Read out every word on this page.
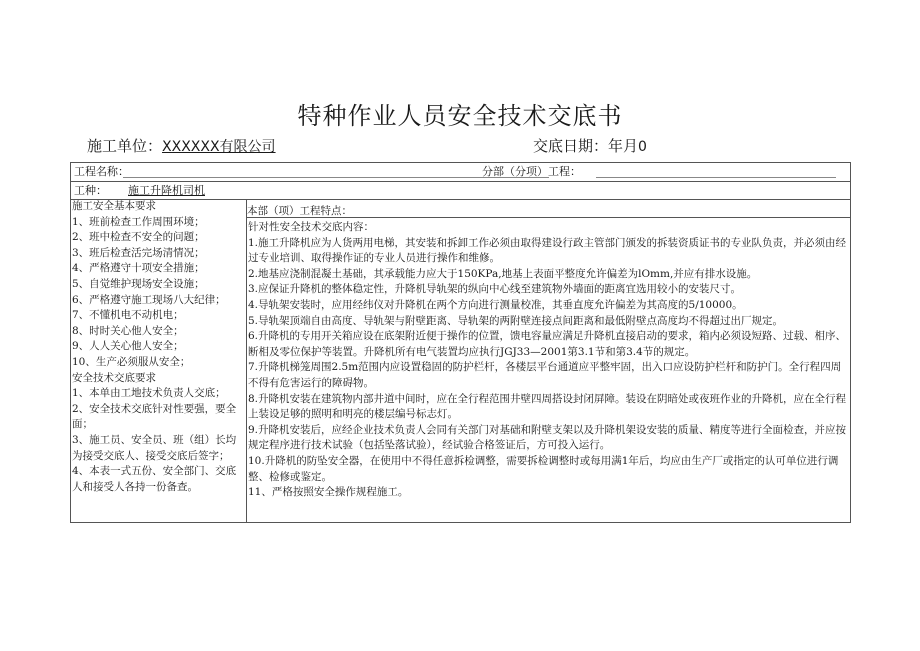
特种作业人员安全技术交底书
施工单位：XXXXXX有限公司	交底日期：年月0
工程名称：	分部（分项）工程：
工种： 施工升降机司机
施工安全基本要求
1、班前检查工作周围环境；
2、班中检查不安全的问题；
3、班后检查活完场清情况；
4、严格遵守十项安全措施；
5、自觉维护现场安全设施；
6、严格遵守施工现场八大纪律；
7、不懂机电不动机电；
8、时时关心他人安全；
9、人人关心他人安全；
10、生产必须服从安全；
安全技术交底要求
1、本单由工地技术负责人交底；
2、安全技术交底针对性要强，要全面；
3、施工员、安全员、班（组）长均为接受交底人、接受交底后签字；
4、本表一式五份、安全部门、交底人和接受人各持一份备查。
本部（项）工程特点：

针对性安全技术交底内容：

1.施工升降机应为人货两用电梯，其安装和拆卸工作必须由取得建设行政主管部门颁发的拆装资质证书的专业队负责，并必须由经过专业培训、取得操作证的专业人员进行操作和维修。

2.地基应浇制混凝土基础，其承载能力应大于150KPa,地基上表面平整度允许偏差为lOmm,并应有排水设施。

3.应保证升降机的整体稳定性，升降机导轨架的纵向中心线至建筑物外墙面的距离宜选用较小的安装尺寸。

4.导轨架安装时，应用经纬仪对升降机在两个方向进行测量校准，其垂直度允许偏差为其高度的5/10000。

5.导轨架顶端自由高度、导轨架与附壁距离、导轨架的两附壁连接点间距离和最低附壁点高度均不得超过出厂规定。

6.升降机的专用开关箱应设在底架附近便于操作的位置，馈电容量应满足升降机直接启动的要求，箱内必须设短路、过载、相序、断相及零位保护等装置。升降机所有电气装置均应执行JGJ33—2001第3.1节和第3.4节的规定。

7.升降机梯笼周围2.5m范围内应设置稳固的防护栏杆，各楼层平台通道应平整牢固，出入口应设防护栏杆和防护门。全行程四周不得有危害运行的障碍物。

8.升降机安装在建筑物内部井道中间时，应在全行程范围井壁四周搭设封闭屏障。装设在阴暗处或夜班作业的升降机，应在全行程上装设足够的照明和明亮的楼层编号标志灯。

9.升降机安装后，应经企业技术负责人会同有关部门对基础和附壁支架以及升降机架设安装的质量、精度等进行全面检查，并应按规定程序进行技术试验（包括坠落试验），经试验合格签证后，方可投入运行。

10.升降机的防坠安全器，在使用中不得任意拆检调整，需要拆检调整时或每用满1年后，均应由生产厂或指定的认可单位进行调整、检修或鉴定。

11、严格按照安全操作规程施工。
